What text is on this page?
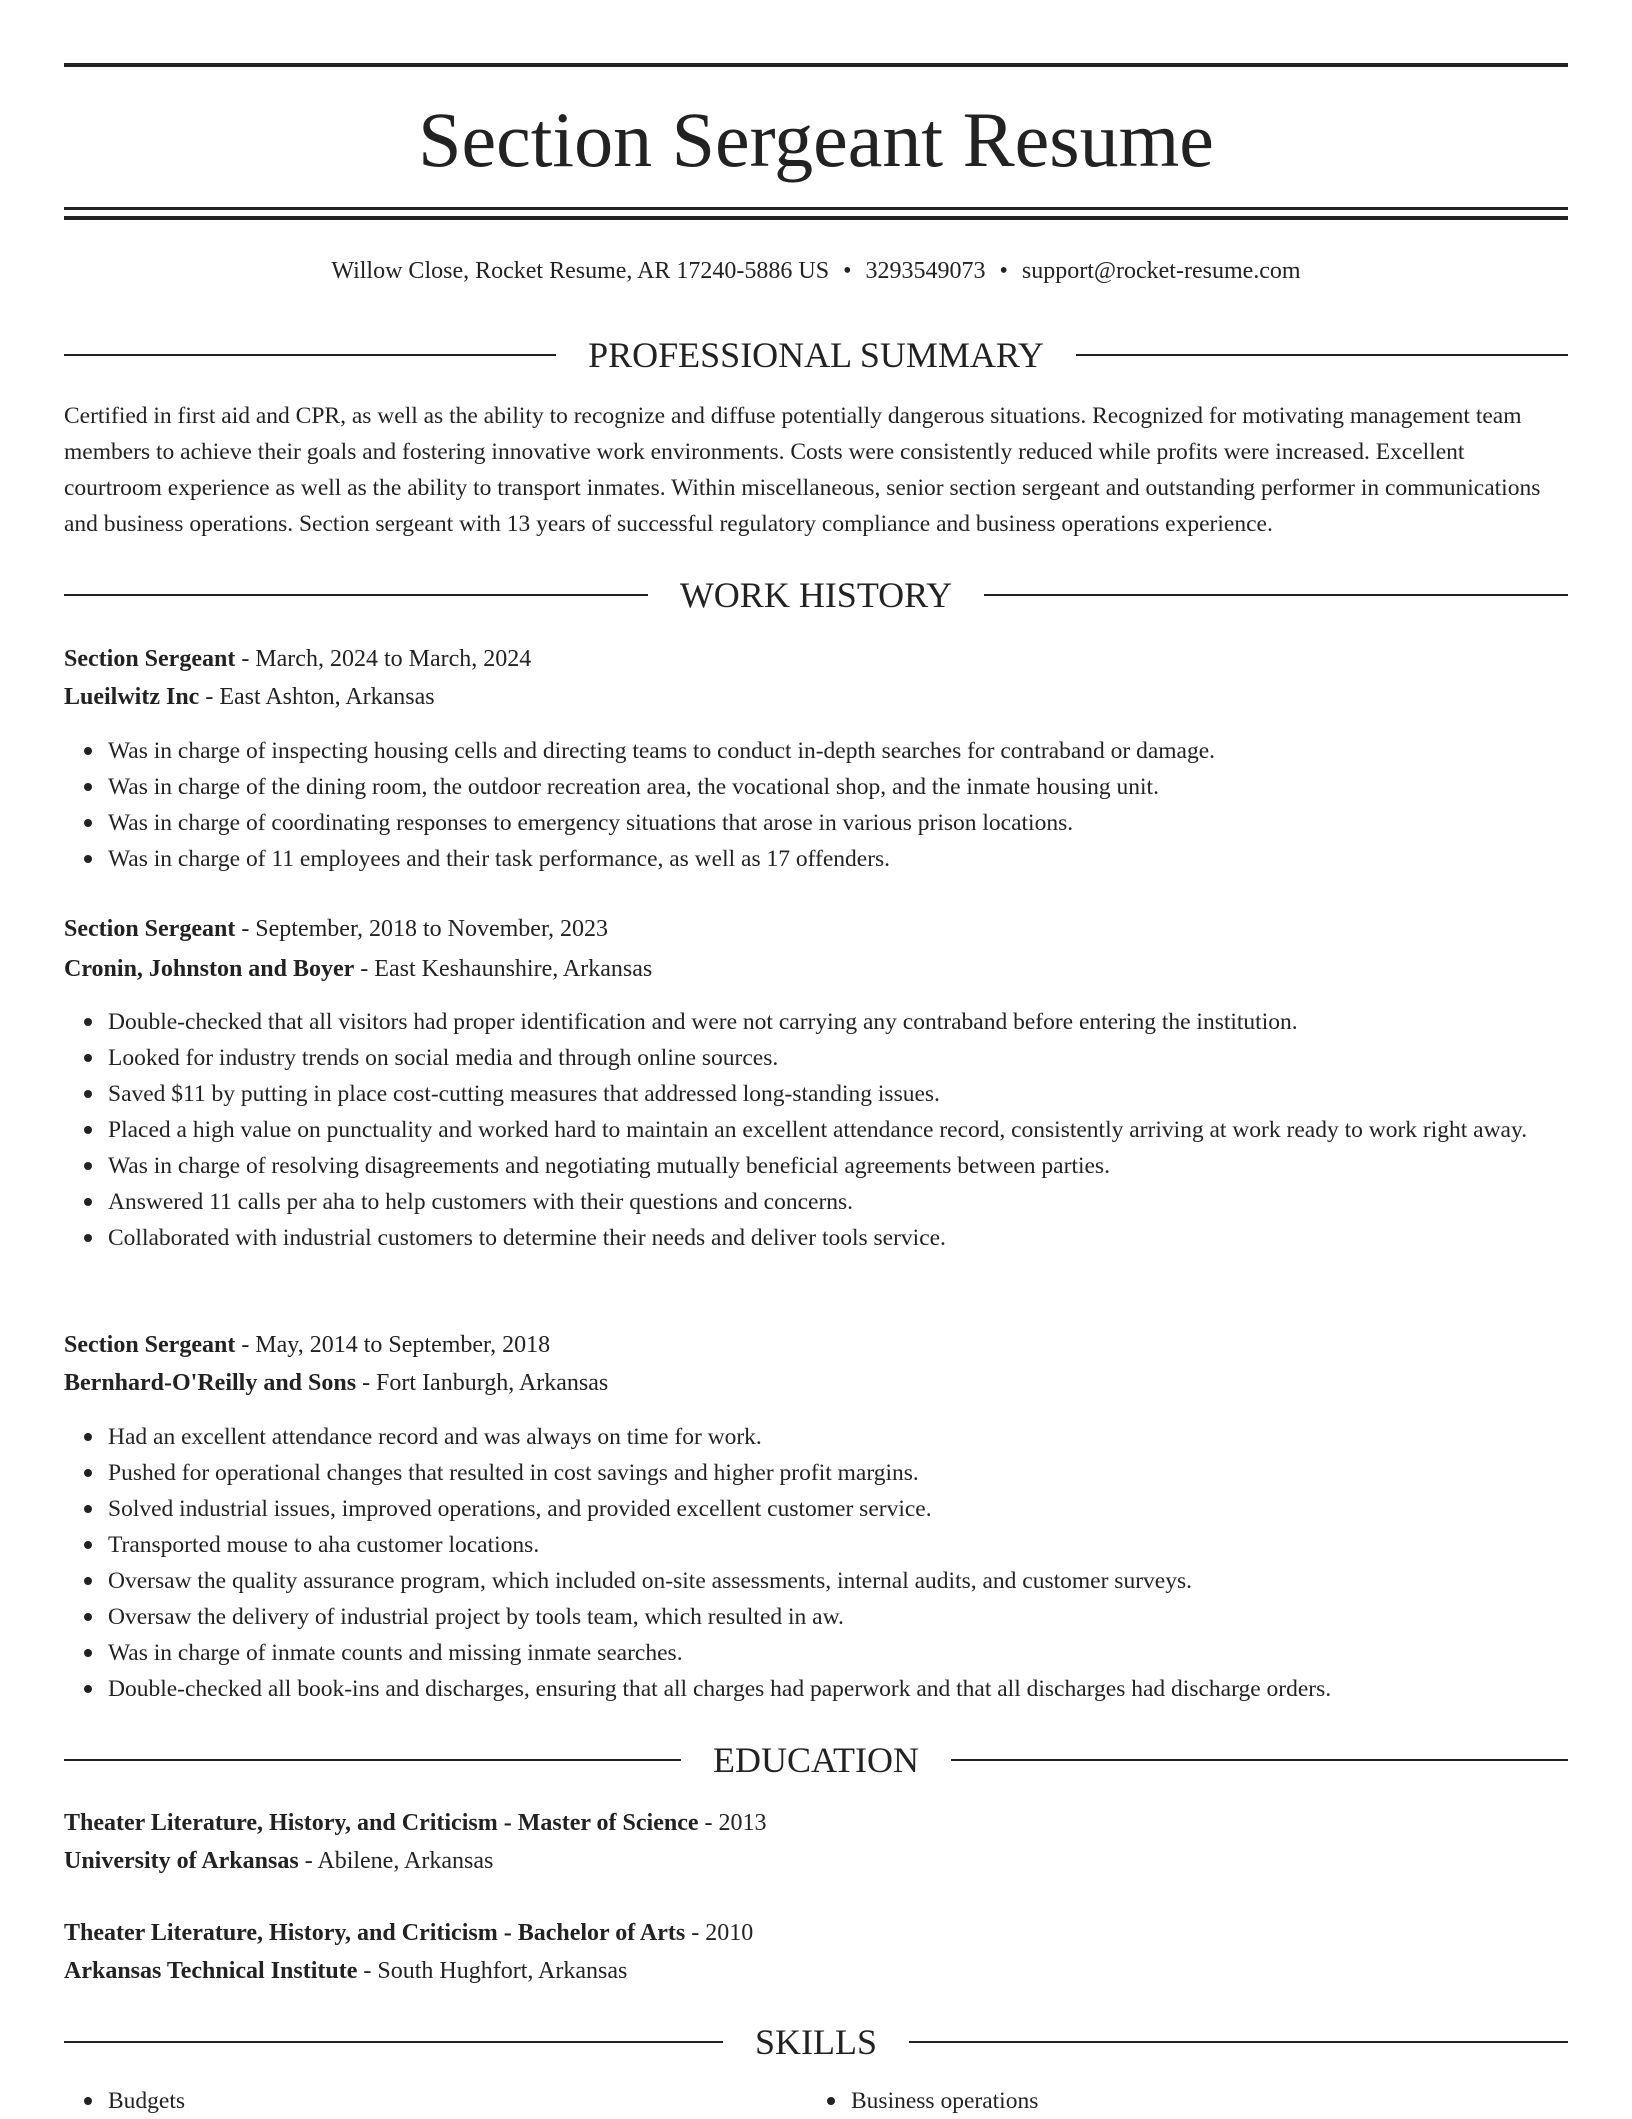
Section Sergeant Resume
Willow Close, Rocket Resume, AR 17240-5886 US • 3293549073 • support@rocket-resume.com
PROFESSIONAL SUMMARY

Certified in first aid and CPR, as well as the ability to recognize and diffuse potentially dangerous situations. Recognized for motivating management team members to achieve their goals and fostering innovative work environments. Costs were consistently reduced while profits were increased. Excellent courtroom experience as well as the ability to transport inmates. Within miscellaneous, senior section sergeant and outstanding performer in communications and business operations. Section sergeant with 13 years of successful regulatory compliance and business operations experience.

WORK HISTORY
Section Sergeant - March, 2024 to March, 2024
Lueilwitz Inc - East Ashton, Arkansas
Was in charge of inspecting housing cells and directing teams to conduct in-depth searches for contraband or damage.
Was in charge of the dining room, the outdoor recreation area, the vocational shop, and the inmate housing unit.
Was in charge of coordinating responses to emergency situations that arose in various prison locations.
Was in charge of 11 employees and their task performance, as well as 17 offenders.
Section Sergeant - September, 2018 to November, 2023
Cronin, Johnston and Boyer - East Keshaunshire, Arkansas
Double-checked that all visitors had proper identification and were not carrying any contraband before entering the institution.
Looked for industry trends on social media and through online sources.
Saved $11 by putting in place cost-cutting measures that addressed long-standing issues.
Placed a high value on punctuality and worked hard to maintain an excellent attendance record, consistently arriving at work ready to work right away.
Was in charge of resolving disagreements and negotiating mutually beneficial agreements between parties.
Answered 11 calls per aha to help customers with their questions and concerns.
Collaborated with industrial customers to determine their needs and deliver tools service.
Section Sergeant - May, 2014 to September, 2018
Bernhard-O'Reilly and Sons - Fort Ianburgh, Arkansas
Had an excellent attendance record and was always on time for work.
Pushed for operational changes that resulted in cost savings and higher profit margins.
Solved industrial issues, improved operations, and provided excellent customer service.
Transported mouse to aha customer locations.
Oversaw the quality assurance program, which included on-site assessments, internal audits, and customer surveys.
Oversaw the delivery of industrial project by tools team, which resulted in aw.
Was in charge of inmate counts and missing inmate searches.
Double-checked all book-ins and discharges, ensuring that all charges had paperwork and that all discharges had discharge orders.
EDUCATION
Theater Literature, History, and Criticism - Master of Science - 2013
University of Arkansas - Abilene, Arkansas
Theater Literature, History, and Criticism - Bachelor of Arts - 2010
Arkansas Technical Institute - South Hughfort, Arkansas
SKILLS
Budgets	Business operations
